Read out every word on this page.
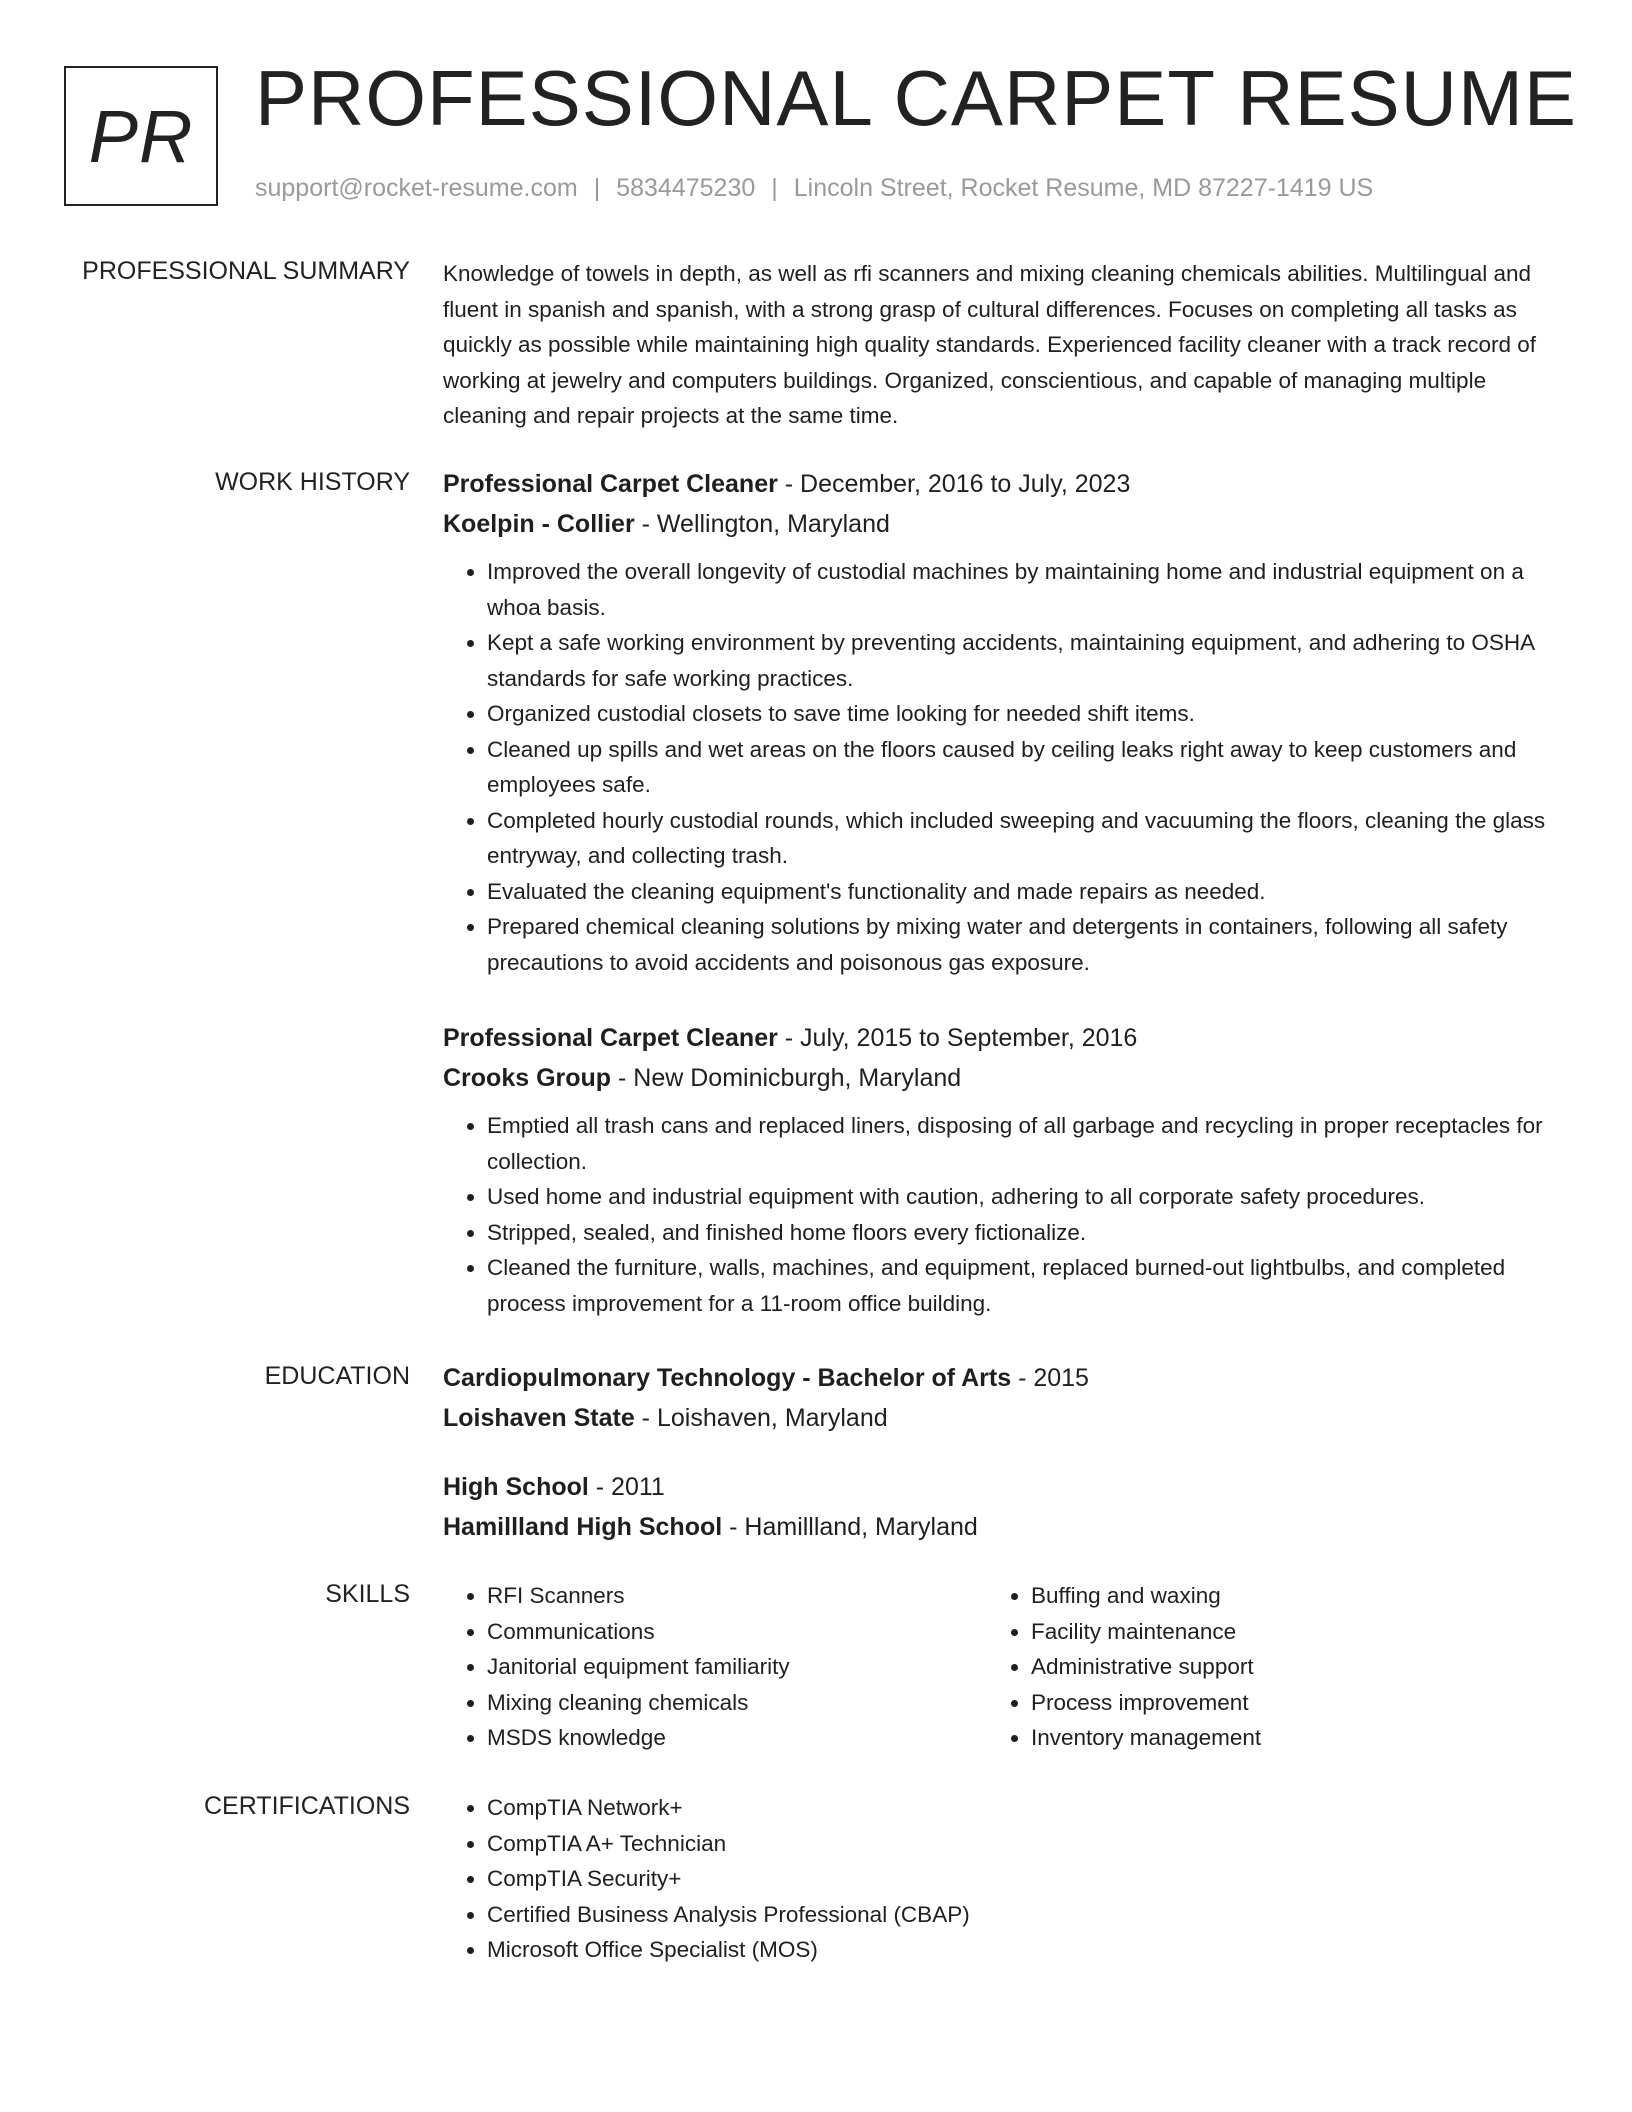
PR PROFESSIONAL CARPET RESUME
support@rocket-resume.com | 5834475230 | Lincoln Street, Rocket Resume, MD 87227-1419 US
PROFESSIONAL SUMMARY Knowledge of towels in depth, as well as rfi scanners and mixing cleaning chemicals abilities. Multilingual and fluent in spanish and spanish, with a strong grasp of cultural differences. Focuses on completing all tasks as quickly as possible while maintaining high quality standards. Experienced facility cleaner with a track record of working at jewelry and computers buildings. Organized, conscientious, and capable of managing multiple cleaning and repair projects at the same time.

WORK HISTORY Professional Carpet Cleaner - December, 2016 to July, 2023

Koelpin - Collier - Wellington, Maryland

• Improved the overall longevity of custodial machines by maintaining home and industrial equipment on a whoa basis.
• Kept a safe working environment by preventing accidents, maintaining equipment, and adhering to OSHA standards for safe working practices.
• Organized custodial closets to save time looking for needed shift items.
• Cleaned up spills and wet areas on the floors caused by ceiling leaks right away to keep customers and employees safe.
• Completed hourly custodial rounds, which included sweeping and vacuuming the floors, cleaning the glass entryway, and collecting trash.
• Evaluated the cleaning equipment's functionality and made repairs as needed.
• Prepared chemical cleaning solutions by mixing water and detergents in containers, following all safety precautions to avoid accidents and poisonous gas exposure.

Professional Carpet Cleaner - July, 2015 to September, 2016

Crooks Group - New Dominicburgh, Maryland

• Emptied all trash cans and replaced liners, disposing of all garbage and recycling in proper receptacles for collection.
• Used home and industrial equipment with caution, adhering to all corporate safety procedures.
• Stripped, sealed, and finished home floors every fictionalize.
• Cleaned the furniture, walls, machines, and equipment, replaced burned-out lightbulbs, and completed process improvement for a 11-room office building.
EDUCATION Cardiopulmonary Technology - Bachelor of Arts - 2015

Loishaven State - Loishaven, Maryland

High School - 2011

Hamillland High School - Hamillland, Maryland

SKILLS	• RFI Scanners
• Communications
• Janitorial equipment familiarity
• Mixing cleaning chemicals
• MSDS knowledge
• Buffing and waxing
• Facility maintenance
• Administrative support
• Process improvement
• Inventory management
CERTIFICATIONS	• CompTIA Network+
• CompTIA A+ Technician
• CompTIA Security+
• Certified Business Analysis Professional (CBAP)
• Microsoft Office Specialist (MOS)
